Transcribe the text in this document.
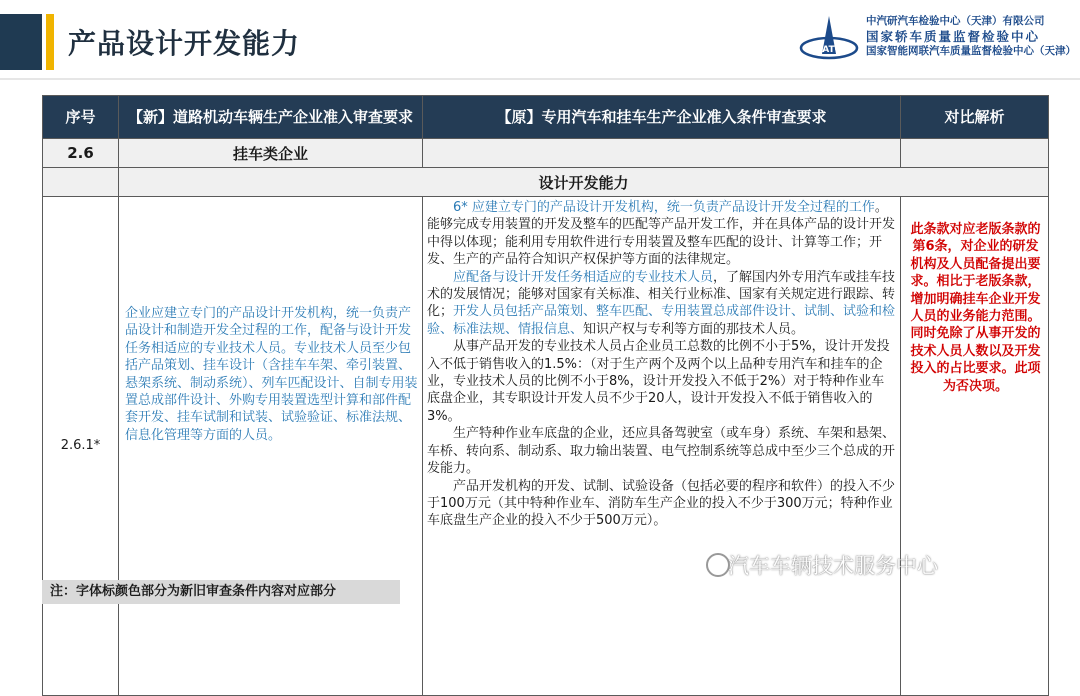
产品设计开发能力	TATC
中汽研汽车检验中心（天津）有限公司
国家轿车质量监督检验中心
国家智能网联汽车质量监督检验中心（天津）
序号	【新】道路机动车辆生产企业准入审查要求	【原】专用汽车和挂车生产企业准入条件审查要求	对比解析
2.6	挂车类企业		
	设计开发能力		
2.6.1*	企业应建立专门的产品设计开发机构，统一负责产品设计和制造开发全过程的工作，配备与设计开发任务相适应的专业技术人员。专业技术人员至少包括产品策划、挂车设计（含挂车车架、牵引装置、悬架系统、制动系统）、列车匹配设计、自制专用装置总成部件设计、外购专用装置选型计算和部件配套开发、挂车试制和试装、试验验证、标准法规、信息化管理等方面的人员。	6* 应建立专门的产品设计开发机构，统一负责产品设计开发全过程的工作。能够完成专用装置的开发及整车的匹配等产品开发工作，并在具体产品的设计开发中得以体现；能利用专用软件进行专用装置及整车匹配的设计、计算等工作；开发、生产的产品符合知识产权保护等方面的法律规定。
应配备与设计开发任务相适应的专业技术人员，了解国内外专用汽车或挂车技术的发展情况；能够对国家有关标准、相关行业标准、国家有关规定进行跟踪、转化；开发人员包括产品策划、整车匹配、专用装置总成部件设计、试制、试验和检验、标准法规、情报信息、知识产权与专利等方面的那技术人员。
从事产品开发的专业技术人员占企业员工总数的比例不小于5%，设计开发投入不低于销售收入的1.5%：（对于生产两个及两个以上品种专用汽车和挂车的企业，专业技术人员的比例不小于8%，设计开发投入不低于2%）对于特种作业车底盘企业，其专职设计开发人员不少于20人，设计开发投入不低于销售收入的3%。
生产特种作业车底盘的企业，还应具备驾驶室（或车身）系统、车架和悬架、车桥、转向系、制动系、取力输出装置、电气控制系统等总成中至少三个总成的开发能力。
产品开发机构的开发、试制、试验设备（包括必要的程序和软件）的投入不少于100万元（其中特种作业车、消防车生产企业的投入不少于300万元；特种作业车底盘生产企业的投入不少于500万元）。	此条款对应老版条款的第6条，对企业的研发机构及人员配备提出要求。相比于老版条款，增加明确挂车企业开发人员的业务能力范围。同时免除了从事开发的技术人员人数以及开发投入的占比要求。此项为否决项。
注：字体标颜色部分为新旧审查条件内容对应部分
汽车车辆技术服务中心
